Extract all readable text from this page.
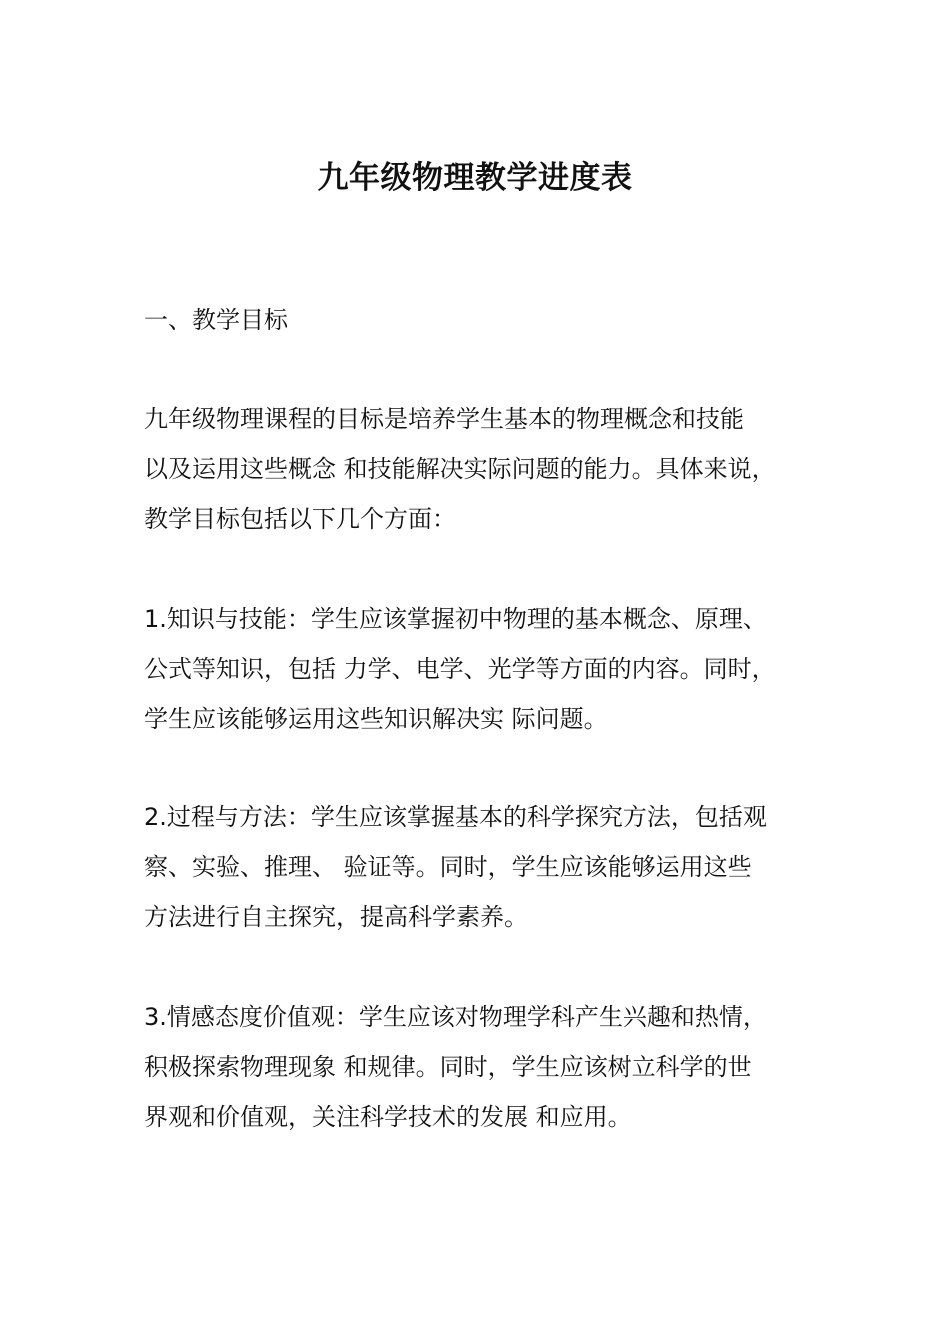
九年级物理教学进度表
一、教学目标
九年级物理课程的目标是培养学生基本的物理概念和技能
以及运用这些概念 和技能解决实际问题的能力。具体来说，
教学目标包括以下几个方面：
1.知识与技能：学生应该掌握初中物理的基本概念、原理、
公式等知识，包括 力学、电学、光学等方面的内容。同时，
学生应该能够运用这些知识解决实 际问题。
2.过程与方法：学生应该掌握基本的科学探究方法，包括观
察、实验、推理、 验证等。同时，学生应该能够运用这些
方法进行自主探究，提高科学素养。
3.情感态度价值观：学生应该对物理学科产生兴趣和热情，
积极探索物理现象 和规律。同时，学生应该树立科学的世
界观和价值观，关注科学技术的发展 和应用。
